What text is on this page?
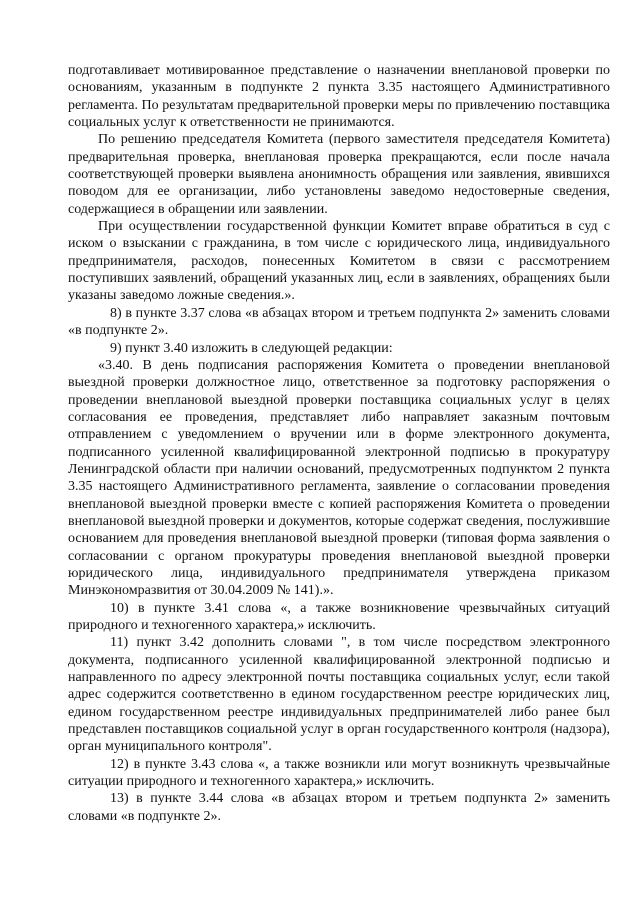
подготавливает мотивированное представление о назначении внеплановой проверки по основаниям, указанным в подпункте 2 пункта 3.35 настоящего Административного регламента. По результатам предварительной проверки меры по привлечению поставщика социальных услуг к ответственности не принимаются.

По решению председателя Комитета (первого заместителя председателя Комитета) предварительная проверка, внеплановая проверка прекращаются, если после начала соответствующей проверки выявлена анонимность обращения или заявления, явившихся поводом для ее организации, либо установлены заведомо недостоверные сведения, содержащиеся в обращении или заявлении.

При осуществлении государственной функции Комитет вправе обратиться в суд с иском о взыскании с гражданина, в том числе с юридического лица, индивидуального предпринимателя, расходов, понесенных Комитетом в связи с рассмотрением поступивших заявлений, обращений указанных лиц, если в заявлениях, обращениях были указаны заведомо ложные сведения.».

8) в пункте 3.37 слова «в абзацах втором и третьем подпункта 2» заменить словами «в подпункте 2».

9) пункт 3.40 изложить в следующей редакции:

«3.40. В день подписания распоряжения Комитета о проведении внеплановой выездной проверки должностное лицо, ответственное за подготовку распоряжения о проведении внеплановой выездной проверки поставщика социальных услуг в целях согласования ее проведения, представляет либо направляет заказным почтовым отправлением с уведомлением о вручении или в форме электронного документа, подписанного усиленной квалифицированной электронной подписью в прокуратуру Ленинградской области при наличии оснований, предусмотренных подпунктом 2 пункта 3.35 настоящего Административного регламента, заявление о согласовании проведения внеплановой выездной проверки вместе с копией распоряжения Комитета о проведении внеплановой выездной проверки и документов, которые содержат сведения, послужившие основанием для проведения внеплановой выездной проверки (типовая форма заявления о согласовании с органом прокуратуры проведения внеплановой выездной проверки юридического лица, индивидуального предпринимателя утверждена приказом Минэкономразвития от 30.04.2009 № 141).».

10) в пункте 3.41 слова «, а также возникновение чрезвычайных ситуаций природного и техногенного характера,» исключить.

11) пункт 3.42 дополнить словами ", в том числе посредством электронного документа, подписанного усиленной квалифицированной электронной подписью и направленного по адресу электронной почты поставщика социальных услуг, если такой адрес содержится соответственно в едином государственном реестре юридических лиц, едином государственном реестре индивидуальных предпринимателей либо ранее был представлен поставщиков социальной услуг в орган государственного контроля (надзора), орган муниципального контроля".

12) в пункте 3.43 слова «, а также возникли или могут возникнуть чрезвычайные ситуации природного и техногенного характера,» исключить.

13) в пункте 3.44 слова «в абзацах втором и третьем подпункта 2» заменить словами «в подпункте 2».
